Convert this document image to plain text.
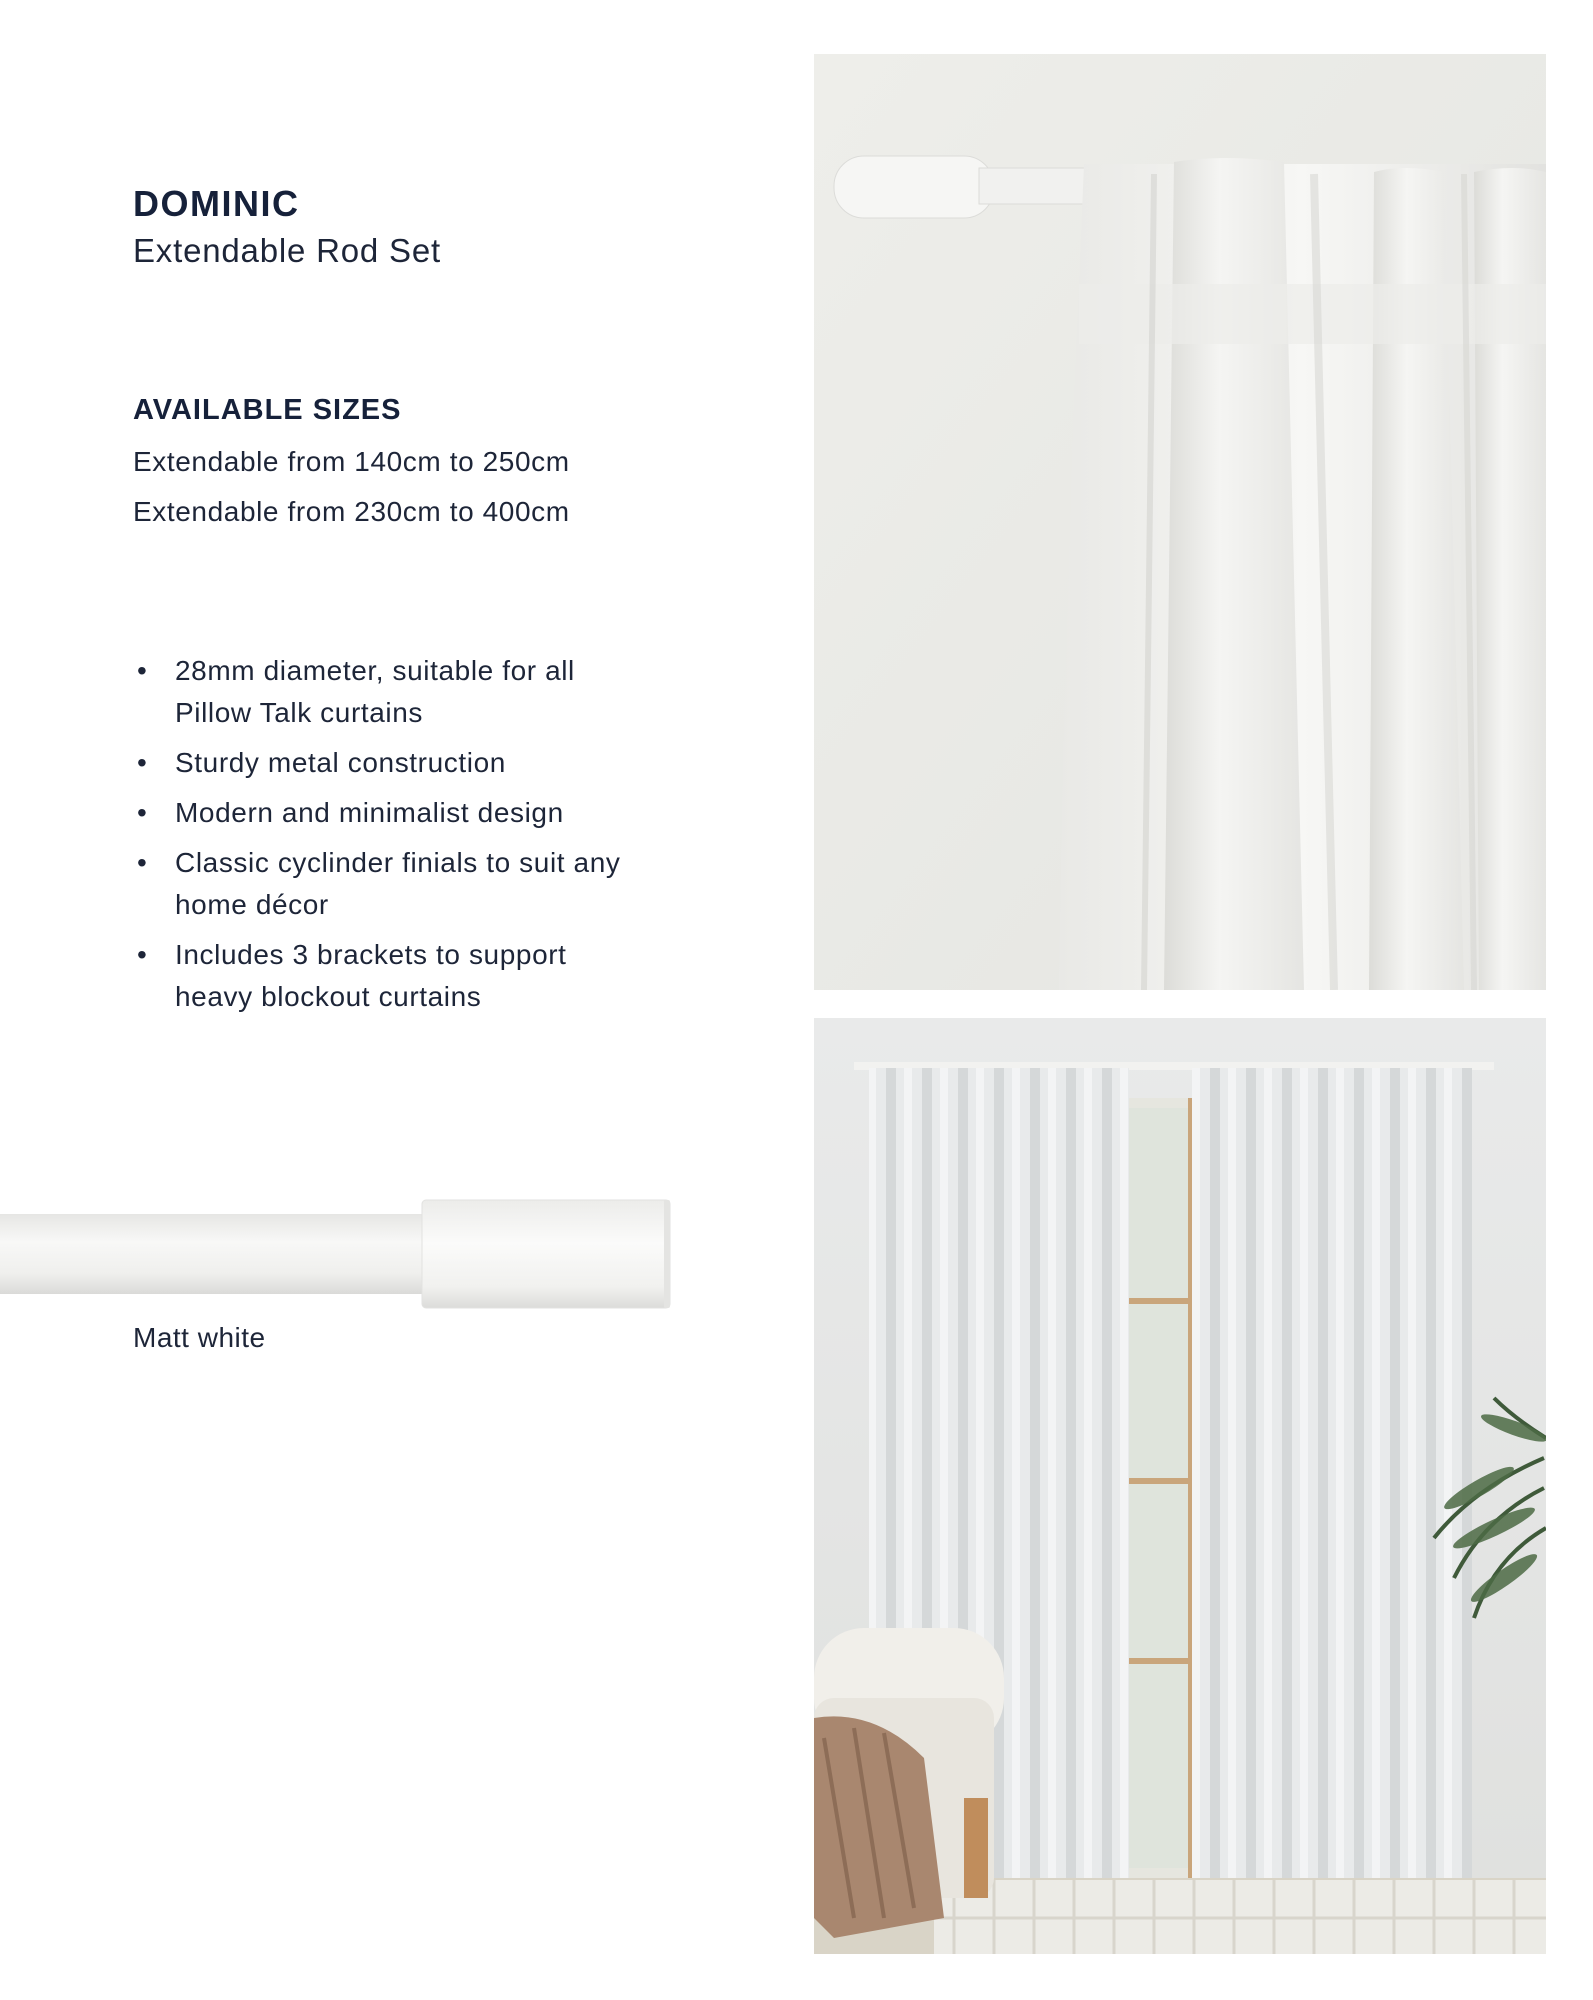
DOMINIC
Extendable Rod Set
AVAILABLE SIZES

Extendable from 140cm to 250cm

Extendable from 230cm to 400cm

• 28mm diameter, suitable for all Pillow Talk curtains
• Sturdy metal construction
• Modern and minimalist design
• Classic cyclinder finials to suit any home décor
• Includes 3 brackets to support heavy blockout curtains

Matt white
